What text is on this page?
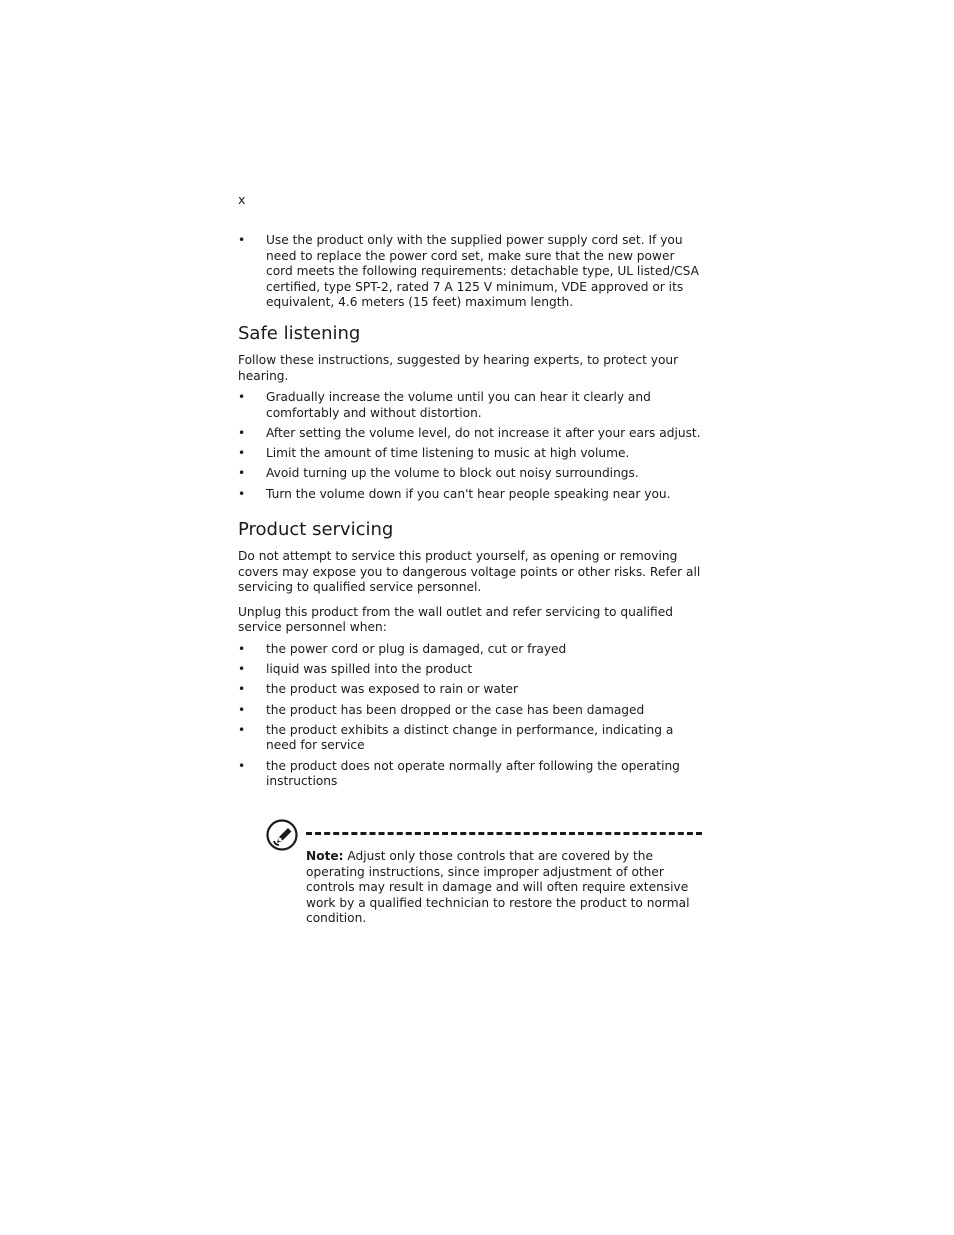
x
• Use the product only with the supplied power supply cord set. If you need to replace the power cord set, make sure that the new power cord meets the following requirements: detachable type, UL listed/CSA certified, type SPT-2, rated 7 A 125 V minimum, VDE approved or its equivalent, 4.6 meters (15 feet) maximum length.
Safe listening

Follow these instructions, suggested by hearing experts, to protect your hearing.

• Gradually increase the volume until you can hear it clearly and comfortably and without distortion.
• After setting the volume level, do not increase it after your ears adjust.
• Limit the amount of time listening to music at high volume.
• Avoid turning up the volume to block out noisy surroundings.
• Turn the volume down if you can't hear people speaking near you.
Product servicing

Do not attempt to service this product yourself, as opening or removing covers may expose you to dangerous voltage points or other risks. Refer all servicing to qualified service personnel.

Unplug this product from the wall outlet and refer servicing to qualified service personnel when:

• the power cord or plug is damaged, cut or frayed
• liquid was spilled into the product
• the product was exposed to rain or water
• the product has been dropped or the case has been damaged
• the product exhibits a distinct change in performance, indicating a need for service
• the product does not operate normally after following the operating instructions
Note: Adjust only those controls that are covered by the operating instructions, since improper adjustment of other controls may result in damage and will often require extensive work by a qualified technician to restore the product to normal condition.
